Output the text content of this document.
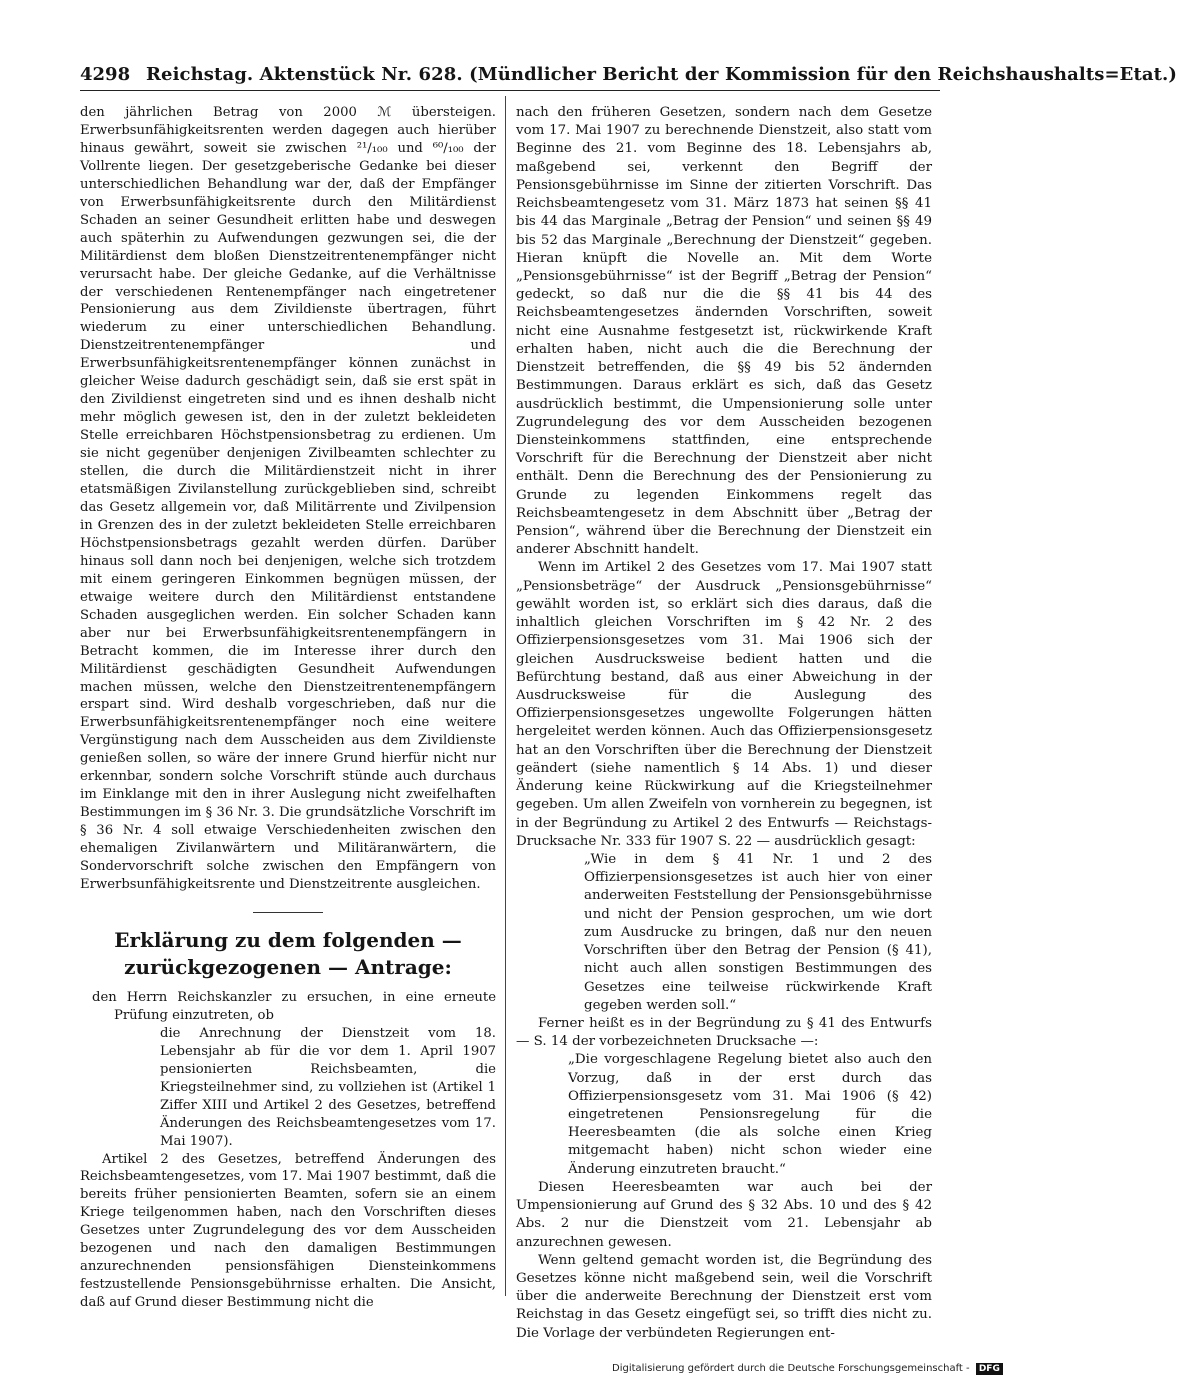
4298 Reichstag. Aktenstück Nr. 628. (Mündlicher Bericht der Kommission für den Reichshaushalts=Etat.)

den jährlichen Betrag von 2000 ℳ übersteigen. Erwerbsunfähigkeitsrenten werden dagegen auch hierüber hinaus gewährt, soweit sie zwischen ²¹/₁₀₀ und ⁶⁰/₁₀₀ der Vollrente liegen. Der gesetzgeberische Gedanke bei dieser unterschiedlichen Behandlung war der, daß der Empfänger von Erwerbsunfähigkeitsrente durch den Militärdienst Schaden an seiner Gesundheit erlitten habe und deswegen auch späterhin zu Aufwendungen gezwungen sei, die der Militärdienst dem bloßen Dienstzeitrentenempfänger nicht verursacht habe. Der gleiche Gedanke, auf die Verhältnisse der verschiedenen Rentenempfänger nach eingetretener Pensionierung aus dem Zivildienste übertragen, führt wiederum zu einer unterschiedlichen Behandlung. Dienstzeitrentenempfänger und Erwerbsunfähigkeitsrentenempfänger können zunächst in gleicher Weise dadurch geschädigt sein, daß sie erst spät in den Zivildienst eingetreten sind und es ihnen deshalb nicht mehr möglich gewesen ist, den in der zuletzt bekleideten Stelle erreichbaren Höchstpensionsbetrag zu erdienen. Um sie nicht gegenüber denjenigen Zivilbeamten schlechter zu stellen, die durch die Militärdienstzeit nicht in ihrer etatsmäßigen Zivilanstellung zurückgeblieben sind, schreibt das Gesetz allgemein vor, daß Militärrente und Zivilpension in Grenzen des in der zuletzt bekleideten Stelle erreichbaren Höchstpensionsbetrags gezahlt werden dürfen. Darüber hinaus soll dann noch bei denjenigen, welche sich trotzdem mit einem geringeren Einkommen begnügen müssen, der etwaige weitere durch den Militärdienst entstandene Schaden ausgeglichen werden. Ein solcher Schaden kann aber nur bei Erwerbsunfähigkeitsrentenempfängern in Betracht kommen, die im Interesse ihrer durch den Militärdienst geschädigten Gesundheit Aufwendungen machen müssen, welche den Dienstzeitrentenempfängern erspart sind. Wird deshalb vorgeschrieben, daß nur die Erwerbsunfähigkeitsrentenempfänger noch eine weitere Vergünstigung nach dem Ausscheiden aus dem Zivildienste genießen sollen, so wäre der innere Grund hierfür nicht nur erkennbar, sondern solche Vorschrift stünde auch durchaus im Einklange mit den in ihrer Auslegung nicht zweifelhaften Bestimmungen im § 36 Nr. 3. Die grundsätzliche Vorschrift im § 36 Nr. 4 soll etwaige Verschiedenheiten zwischen den ehemaligen Zivilanwärtern und Militäranwärtern, die Sondervorschrift solche zwischen den Empfängern von Erwerbsunfähigkeitsrente und Dienstzeitrente ausgleichen.

Erklärung zu dem folgenden — zurückgezogenen — Antrage:

den Herrn Reichskanzler zu ersuchen, in eine erneute Prüfung einzutreten, ob

die Anrechnung der Dienstzeit vom 18. Lebensjahr ab für die vor dem 1. April 1907 pensionierten Reichsbeamten, die Kriegsteilnehmer sind, zu vollziehen ist (Artikel 1 Ziffer XIII und Artikel 2 des Gesetzes, betreffend Änderungen des Reichsbeamtengesetzes vom 17. Mai 1907).

Artikel 2 des Gesetzes, betreffend Änderungen des Reichsbeamtengesetzes, vom 17. Mai 1907 bestimmt, daß die bereits früher pensionierten Beamten, sofern sie an einem Kriege teilgenommen haben, nach den Vorschriften dieses Gesetzes unter Zugrundelegung des vor dem Ausscheiden bezogenen und nach den damaligen Bestimmungen anzurechnenden pensionsfähigen Diensteinkommens festzustellende Pensionsgebührnisse erhalten. Die Ansicht, daß auf Grund dieser Bestimmung nicht die

nach den früheren Gesetzen, sondern nach dem Gesetze vom 17. Mai 1907 zu berechnende Dienstzeit, also statt vom Beginne des 21. vom Beginne des 18. Lebensjahrs ab, maßgebend sei, verkennt den Begriff der Pensionsgebührnisse im Sinne der zitierten Vorschrift. Das Reichsbeamtengesetz vom 31. März 1873 hat seinen §§ 41 bis 44 das Marginale „Betrag der Pension“ und seinen §§ 49 bis 52 das Marginale „Berechnung der Dienstzeit“ gegeben. Hieran knüpft die Novelle an. Mit dem Worte „Pensionsgebührnisse“ ist der Begriff „Betrag der Pension“ gedeckt, so daß nur die die §§ 41 bis 44 des Reichsbeamtengesetzes ändernden Vorschriften, soweit nicht eine Ausnahme festgesetzt ist, rückwirkende Kraft erhalten haben, nicht auch die die Berechnung der Dienstzeit betreffenden, die §§ 49 bis 52 ändernden Bestimmungen. Daraus erklärt es sich, daß das Gesetz ausdrücklich bestimmt, die Umpensionierung solle unter Zugrundelegung des vor dem Ausscheiden bezogenen Diensteinkommens stattfinden, eine entsprechende Vorschrift für die Berechnung der Dienstzeit aber nicht enthält. Denn die Berechnung des der Pensionierung zu Grunde zu legenden Einkommens regelt das Reichsbeamtengesetz in dem Abschnitt über „Betrag der Pension“, während über die Berechnung der Dienstzeit ein anderer Abschnitt handelt.

Wenn im Artikel 2 des Gesetzes vom 17. Mai 1907 statt „Pensionsbeträge“ der Ausdruck „Pensionsgebührnisse“ gewählt worden ist, so erklärt sich dies daraus, daß die inhaltlich gleichen Vorschriften im § 42 Nr. 2 des Offizierpensionsgesetzes vom 31. Mai 1906 sich der gleichen Ausdrucksweise bedient hatten und die Befürchtung bestand, daß aus einer Abweichung in der Ausdrucksweise für die Auslegung des Offizierpensionsgesetzes ungewollte Folgerungen hätten hergeleitet werden können. Auch das Offizierpensionsgesetz hat an den Vorschriften über die Berechnung der Dienstzeit geändert (siehe namentlich § 14 Abs. 1) und dieser Änderung keine Rückwirkung auf die Kriegsteilnehmer gegeben. Um allen Zweifeln von vornherein zu begegnen, ist in der Begründung zu Artikel 2 des Entwurfs — Reichstags-Drucksache Nr. 333 für 1907 S. 22 — ausdrücklich gesagt:

„Wie in dem § 41 Nr. 1 und 2 des Offizierpensionsgesetzes ist auch hier von einer anderweiten Feststellung der Pensionsgebührnisse und nicht der Pension gesprochen, um wie dort zum Ausdrucke zu bringen, daß nur den neuen Vorschriften über den Betrag der Pension (§ 41), nicht auch allen sonstigen Bestimmungen des Gesetzes eine teilweise rückwirkende Kraft gegeben werden soll.“

Ferner heißt es in der Begründung zu § 41 des Entwurfs — S. 14 der vorbezeichneten Drucksache —:

„Die vorgeschlagene Regelung bietet also auch den Vorzug, daß in der erst durch das Offizierpensionsgesetz vom 31. Mai 1906 (§ 42) eingetretenen Pensionsregelung für die Heeresbeamten (die als solche einen Krieg mitgemacht haben) nicht schon wieder eine Änderung einzutreten braucht.“

Diesen Heeresbeamten war auch bei der Umpensionierung auf Grund des § 32 Abs. 10 und des § 42 Abs. 2 nur die Dienstzeit vom 21. Lebensjahr ab anzurechnen gewesen.

Wenn geltend gemacht worden ist, die Begründung des Gesetzes könne nicht maßgebend sein, weil die Vorschrift über die anderweite Berechnung der Dienstzeit erst vom Reichstag in das Gesetz eingefügt sei, so trifft dies nicht zu. Die Vorlage der verbündeten Regierungen ent-

Digitalisierung gefördert durch die Deutsche Forschungsgemeinschaft - DFG
